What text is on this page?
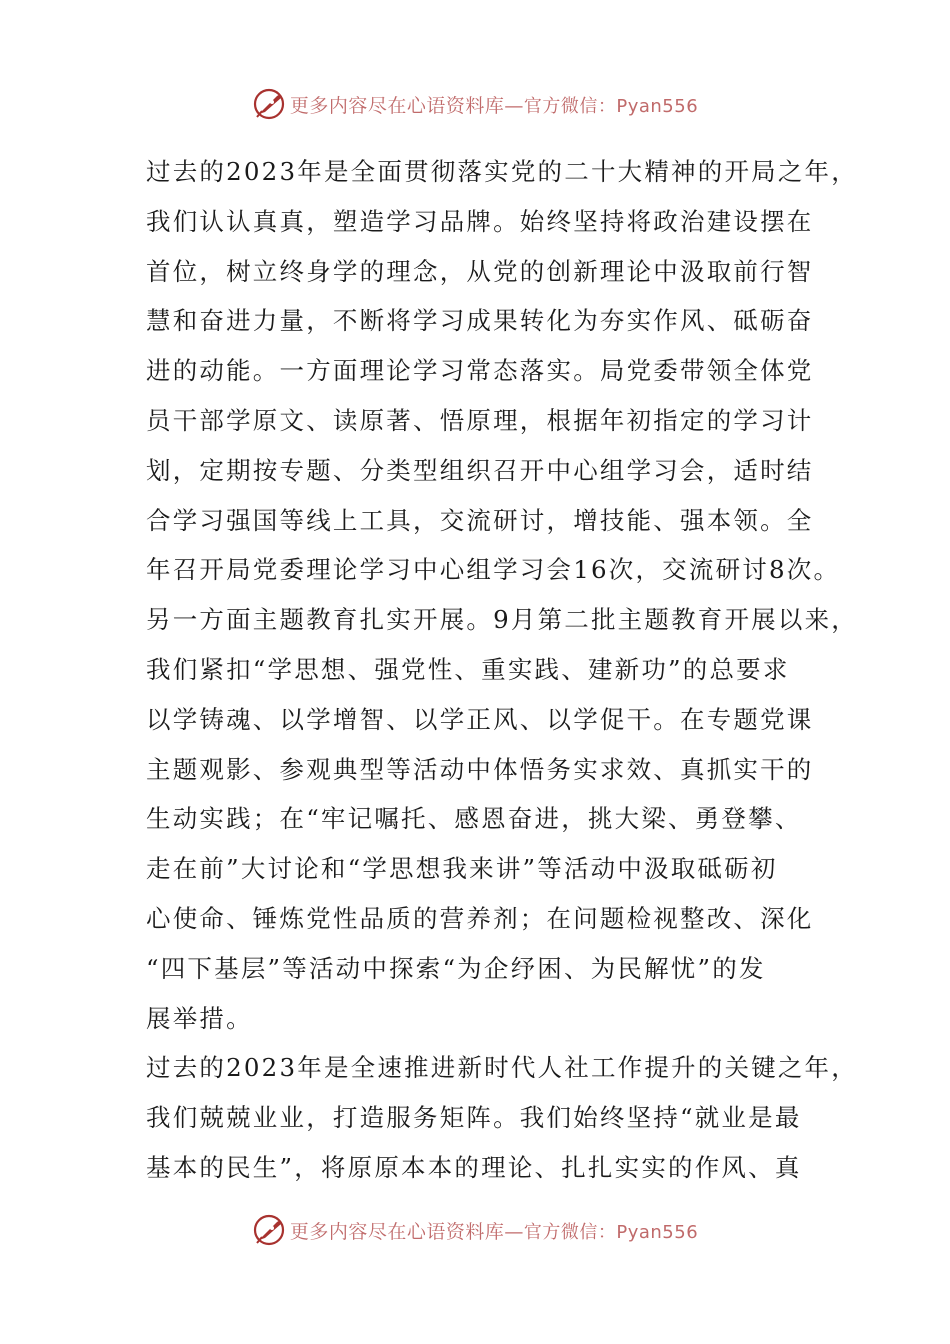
更多内容尽在心语资料库—官方微信：Pyan556
过去的2023年是全面贯彻落实党的二十大精神的开局之年，
我们认认真真，塑造学习品牌。始终坚持将政治建设摆在
首位，树立终身学的理念，从党的创新理论中汲取前行智
慧和奋进力量，不断将学习成果转化为夯实作风、砥砺奋
进的动能。一方面理论学习常态落实。局党委带领全体党
员干部学原文、读原著、悟原理，根据年初指定的学习计
划，定期按专题、分类型组织召开中心组学习会，适时结
合学习强国等线上工具，交流研讨，增技能、强本领。全
年召开局党委理论学习中心组学习会16次，交流研讨8次。
另一方面主题教育扎实开展。9月第二批主题教育开展以来，
我们紧扣“学思想、强党性、重实践、建新功”的总要求
以学铸魂、以学增智、以学正风、以学促干。在专题党课
主题观影、参观典型等活动中体悟务实求效、真抓实干的
生动实践；在“牢记嘱托、感恩奋进，挑大梁、勇登攀、
走在前”大讨论和“学思想我来讲”等活动中汲取砥砺初
心使命、锤炼党性品质的营养剂；在问题检视整改、深化
“四下基层”等活动中探索“为企纾困、为民解忧”的发
展举措。
过去的2023年是全速推进新时代人社工作提升的关键之年，
我们兢兢业业，打造服务矩阵。我们始终坚持“就业是最
基本的民生”，将原原本本的理论、扎扎实实的作风、真
更多内容尽在心语资料库—官方微信：Pyan556
